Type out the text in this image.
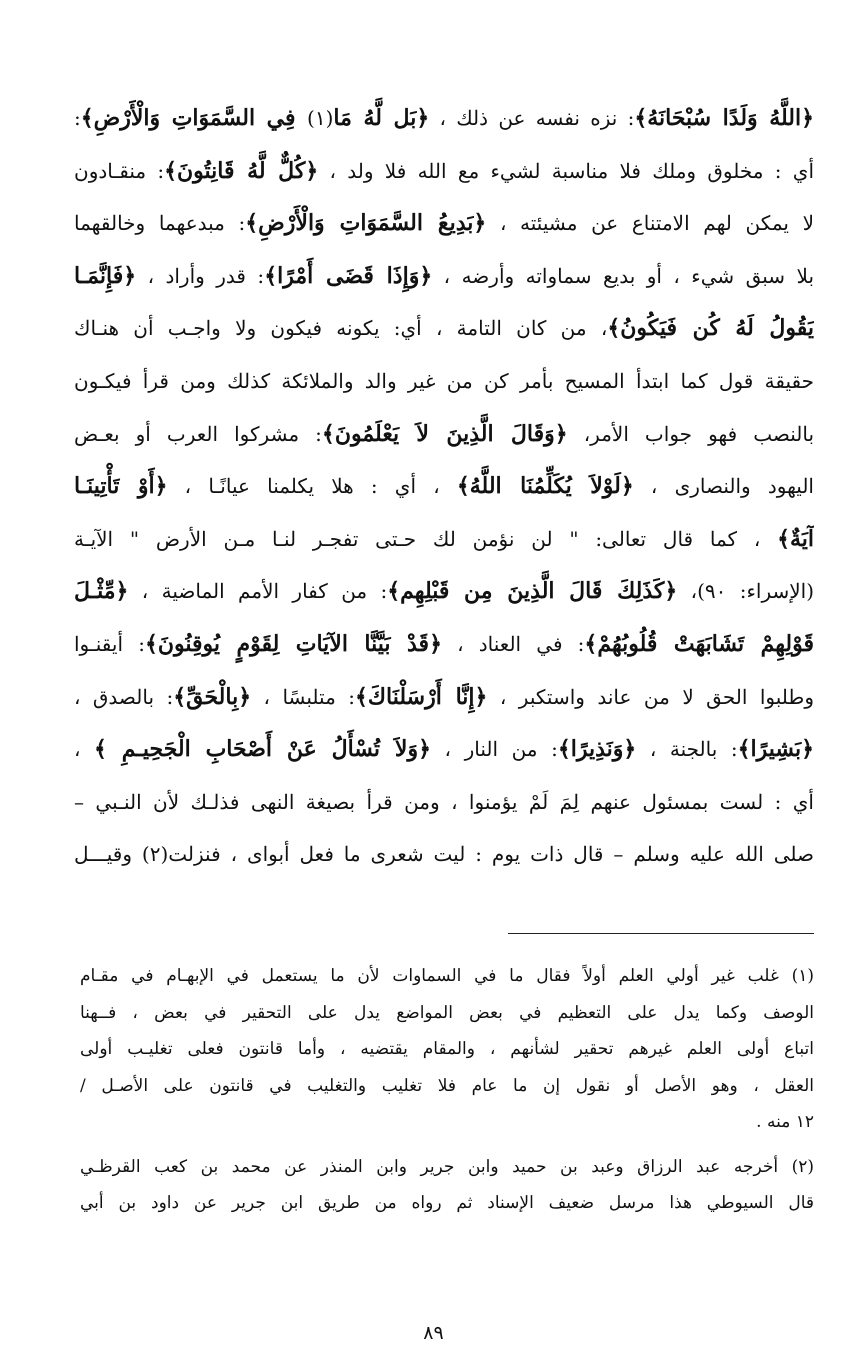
﴿اللَّهُ وَلَدًا سُبْحَانَهُ﴾: نزه نفسه عن ذلك ، ﴿بَل لَّهُ مَا(١) فِي السَّمَوَاتِ وَالْأَرْضِ﴾:
أي : مخلوق وملك فلا مناسبة لشيء مع الله فلا ولد ، ﴿كُلٌّ لَّهُ قَانِتُونَ﴾: منقـادون
لا يمكن لهم الامتناع عن مشيئته ، ﴿بَدِيعُ السَّمَوَاتِ وَالْأَرْضِ﴾: مبدعهما وخالقهما
بلا سبق شيء ، أو بديع سماواته وأرضه ، ﴿وَإِذَا قَضَى أَمْرًا﴾: قدر وأراد ، ﴿فَإِنَّمَـا
يَقُولُ لَهُ كُن فَيَكُونُ﴾، من كان التامة ، أي: يكونه فيكون ولا واجـب أن هنـاك
حقيقة قول كما ابتدأ المسيح بأمر كن من غير والد والملائكة كذلك ومن قرأ فيكـون
بالنصب فهو جواب الأمر، ﴿وَقَالَ الَّذِينَ لاَ يَعْلَمُونَ﴾: مشركوا العرب أو بعـض
اليهود والنصارى ، ﴿لَوْلاَ يُكَلِّمُنَا اللَّهُ﴾ ، أي : هلا يكلمنا عيانًـا ، ﴿أَوْ تَأْتِينَـا
آيَةٌ﴾ ، كما قال تعالى: " لن نؤمن لك حـتى تفجـر لنـا مـن الأرض " الآيـة
(الإسراء: ٩٠)، ﴿كَذَلِكَ قَالَ الَّذِينَ مِن قَبْلِهِم﴾: من كفار الأمم الماضية ، ﴿مِّثْـلَ
قَوْلِهِمْ تَشَابَهَتْ قُلُوبُهُمْ﴾: في العناد ، ﴿قَدْ بَيَّنَّا الآيَاتِ لِقَوْمٍ يُوقِنُونَ﴾: أيقنـوا
وطلبوا الحق لا من عاند واستكبر ، ﴿إِنَّا أَرْسَلْنَاكَ﴾: متلبسًا ، ﴿بِالْحَقِّ﴾: بالصدق ،
﴿بَشِيرًا﴾: بالجنة ، ﴿وَنَذِيرًا﴾: من النار ، ﴿وَلاَ تُسْأَلُ عَنْ أَصْحَابِ الْجَحِيـمِ ﴾ ،
أي : لست بمسئول عنهم لِمَ لَمْ يؤمنوا ، ومن قرأ بصيغة النهى فذلـك لأن النـبي –
صلى الله عليه وسلم – قال ذات يوم : ليت شعرى ما فعل أبواى ، فنزلت(٢) وقيـــل
(١) غلب غير أولي العلم أولاً فقال ما في السماوات لأن ما يستعمل في الإبهـام في مقـام
الوصف وكما يدل على التعظيم في بعض المواضع يدل على التحقير في بعض ، فــهنا
اتباع أولى العلم غيرهم تحقير لشأنهم ، والمقام يقتضيه ، وأما قانتون فعلى تغليـب أولى
العقل ، وهو الأصل أو نقول إن ما عام فلا تغليب والتغليب في قانتون على الأصـل /
١٢ منه .
(٢) أخرجه عبد الرزاق وعبد بن حميد وابن جرير وابن المنذر عن محمد بن كعب القرظـي
قال السيوطي هذا مرسل ضعيف الإسناد ثم رواه من طريق ابن جرير عن داود بن أبي
٨٩
